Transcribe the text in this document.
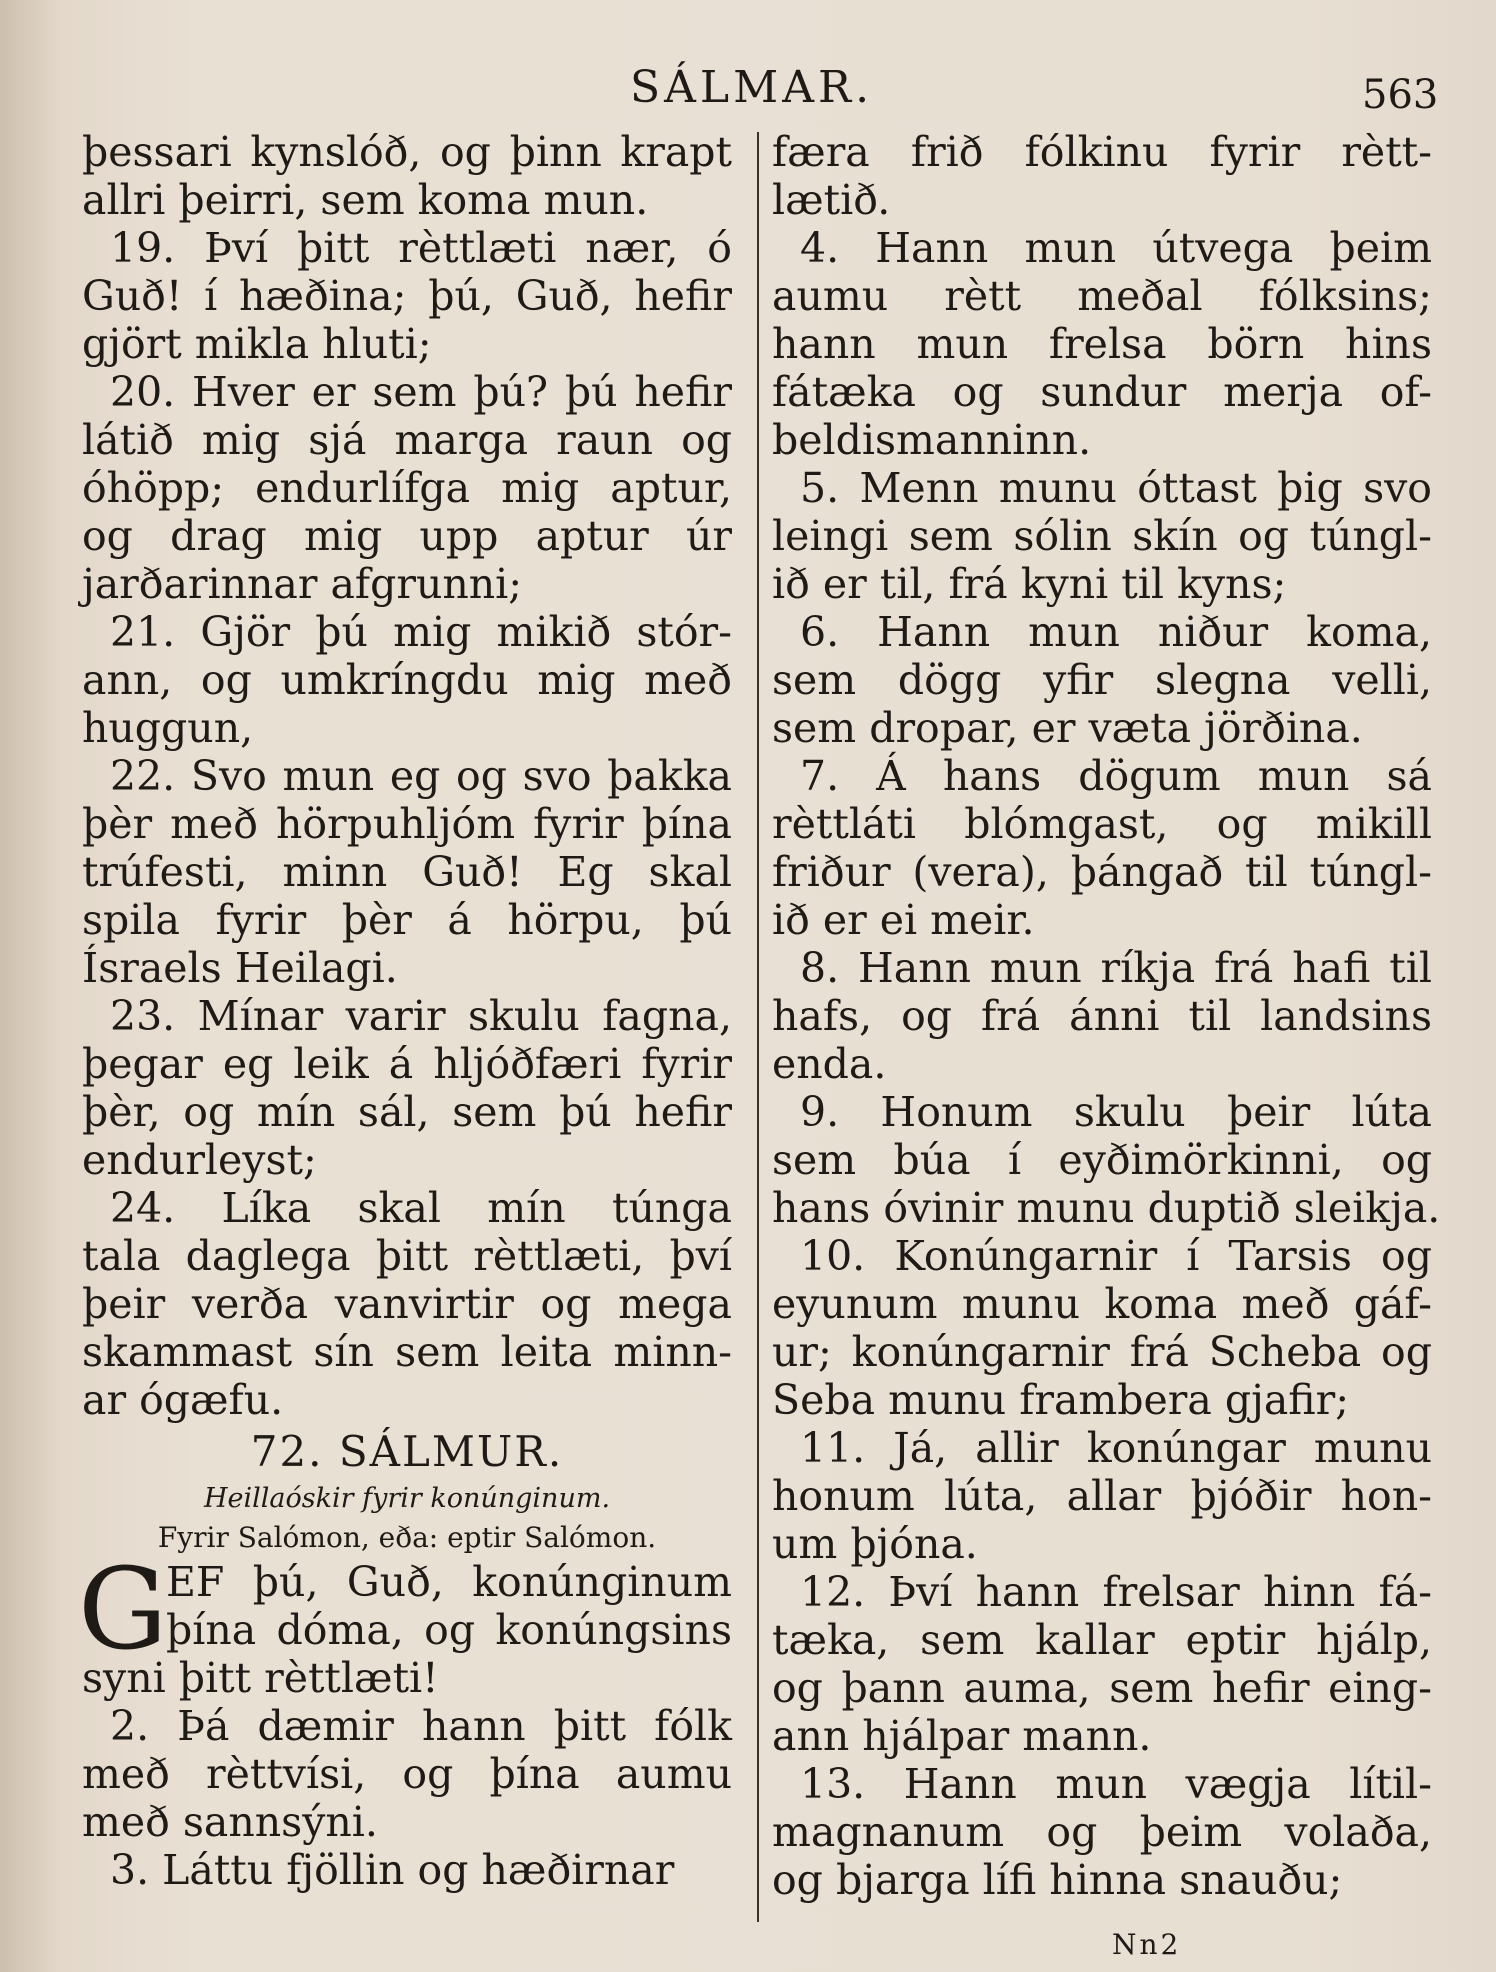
SÁLMAR.	563
þessari kynslóð, og þinn krapt
allri þeirri, sem koma mun.
19. Því þitt rèttlæti nær, ó
Guð! í hæðina; þú, Guð, hefir
gjört mikla hluti;
20. Hver er sem þú? þú hefir
látið mig sjá marga raun og
óhöpp; endurlífga mig aptur,
og drag mig upp aptur úr
jarðarinnar afgrunni;
21. Gjör þú mig mikið stór-
ann, og umkríngdu mig með
huggun,
22. Svo mun eg og svo þakka
þèr með hörpuhljóm fyrir þína
trúfesti, minn Guð! Eg skal
spila fyrir þèr á hörpu, þú
Ísraels Heilagi.
23. Mínar varir skulu fagna,
þegar eg leik á hljóðfæri fyrir
þèr, og mín sál, sem þú hefir
endurleyst;
24. Líka skal mín túnga
tala daglega þitt rèttlæti, því
þeir verða vanvirtir og mega
skammast sín sem leita minn-
ar ógæfu.
72. SÁLMUR.
Heillaóskir fyrir konúnginum.
Fyrir Salómon, eða: eptir Salómon.
G
EF þú, Guð, konúnginum
þína dóma, og konúngsins
syni þitt rèttlæti!
2. Þá dæmir hann þitt fólk
með rèttvísi, og þína aumu
með sannsýni.
3. Láttu fjöllin og hæðirnar
færa frið fólkinu fyrir rètt-
lætið.
4. Hann mun útvega þeim
aumu rètt meðal fólksins;
hann mun frelsa börn hins
fátæka og sundur merja of-
beldismanninn.
5. Menn munu óttast þig svo
leingi sem sólin skín og túngl-
ið er til, frá kyni til kyns;
6. Hann mun niður koma,
sem dögg yfir slegna velli,
sem dropar, er væta jörðina.
7. Á hans dögum mun sá
rèttláti blómgast, og mikill
friður (vera), þángað til túngl-
ið er ei meir.
8. Hann mun ríkja frá hafi til
hafs, og frá ánni til landsins
enda.
9. Honum skulu þeir lúta
sem búa í eyðimörkinni, og
hans óvinir munu duptið sleikja.
10. Konúngarnir í Tarsis og
eyunum munu koma með gáf-
ur; konúngarnir frá Scheba og
Seba munu frambera gjafir;
11. Já, allir konúngar munu
honum lúta, allar þjóðir hon-
um þjóna.
12. Því hann frelsar hinn fá-
tæka, sem kallar eptir hjálp,
og þann auma, sem hefir eing-
ann hjálpar mann.
13. Hann mun vægja lítil-
magnanum og þeim volaða,
og bjarga lífi hinna snauðu;
Nn2
